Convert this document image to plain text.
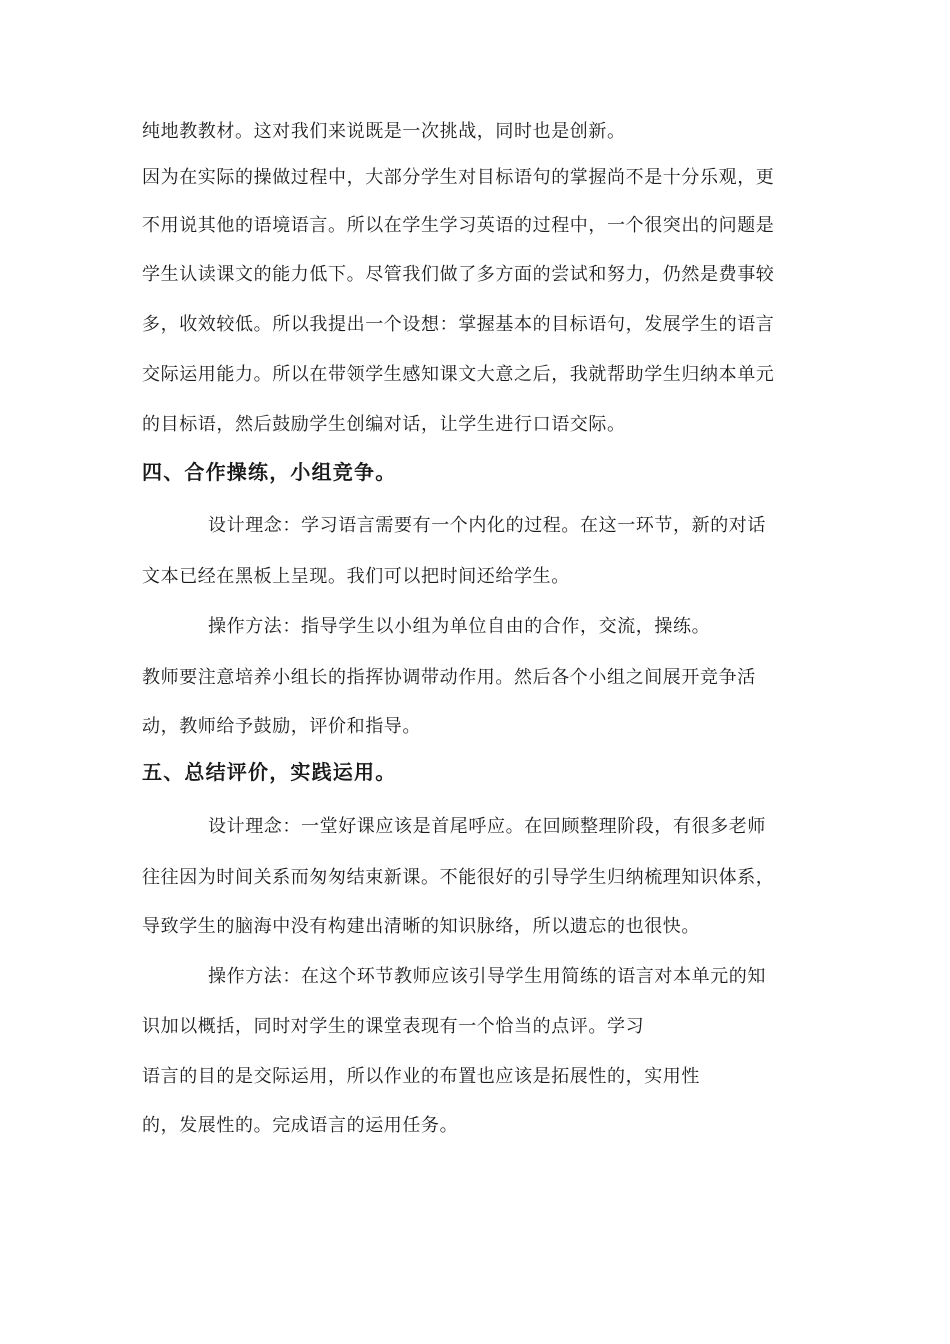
纯地教教材。这对我们来说既是一次挑战，同时也是创新。

因为在实际的操做过程中，大部分学生对目标语句的掌握尚不是十分乐观，更

不用说其他的语境语言。所以在学生学习英语的过程中，一个很突出的问题是

学生认读课文的能力低下。尽管我们做了多方面的尝试和努力，仍然是费事较

多，收效较低。所以我提出一个设想：掌握基本的目标语句，发展学生的语言

交际运用能力。所以在带领学生感知课文大意之后，我就帮助学生归纳本单元

的目标语，然后鼓励学生创编对话，让学生进行口语交际。

四、合作操练，小组竞争。

设计理念：学习语言需要有一个内化的过程。在这一环节，新的对话

文本已经在黑板上呈现。我们可以把时间还给学生。

操作方法：指导学生以小组为单位自由的合作，交流，操练。

教师要注意培养小组长的指挥协调带动作用。然后各个小组之间展开竞争活

动，教师给予鼓励，评价和指导。

五、总结评价，实践运用。

设计理念：一堂好课应该是首尾呼应。在回顾整理阶段，有很多老师

往往因为时间关系而匆匆结束新课。不能很好的引导学生归纳梳理知识体系，

导致学生的脑海中没有构建出清晰的知识脉络，所以遗忘的也很快。

操作方法：在这个环节教师应该引导学生用简练的语言对本单元的知

识加以概括，同时对学生的课堂表现有一个恰当的点评。学习

语言的目的是交际运用，所以作业的布置也应该是拓展性的，实用性

的，发展性的。完成语言的运用任务。
